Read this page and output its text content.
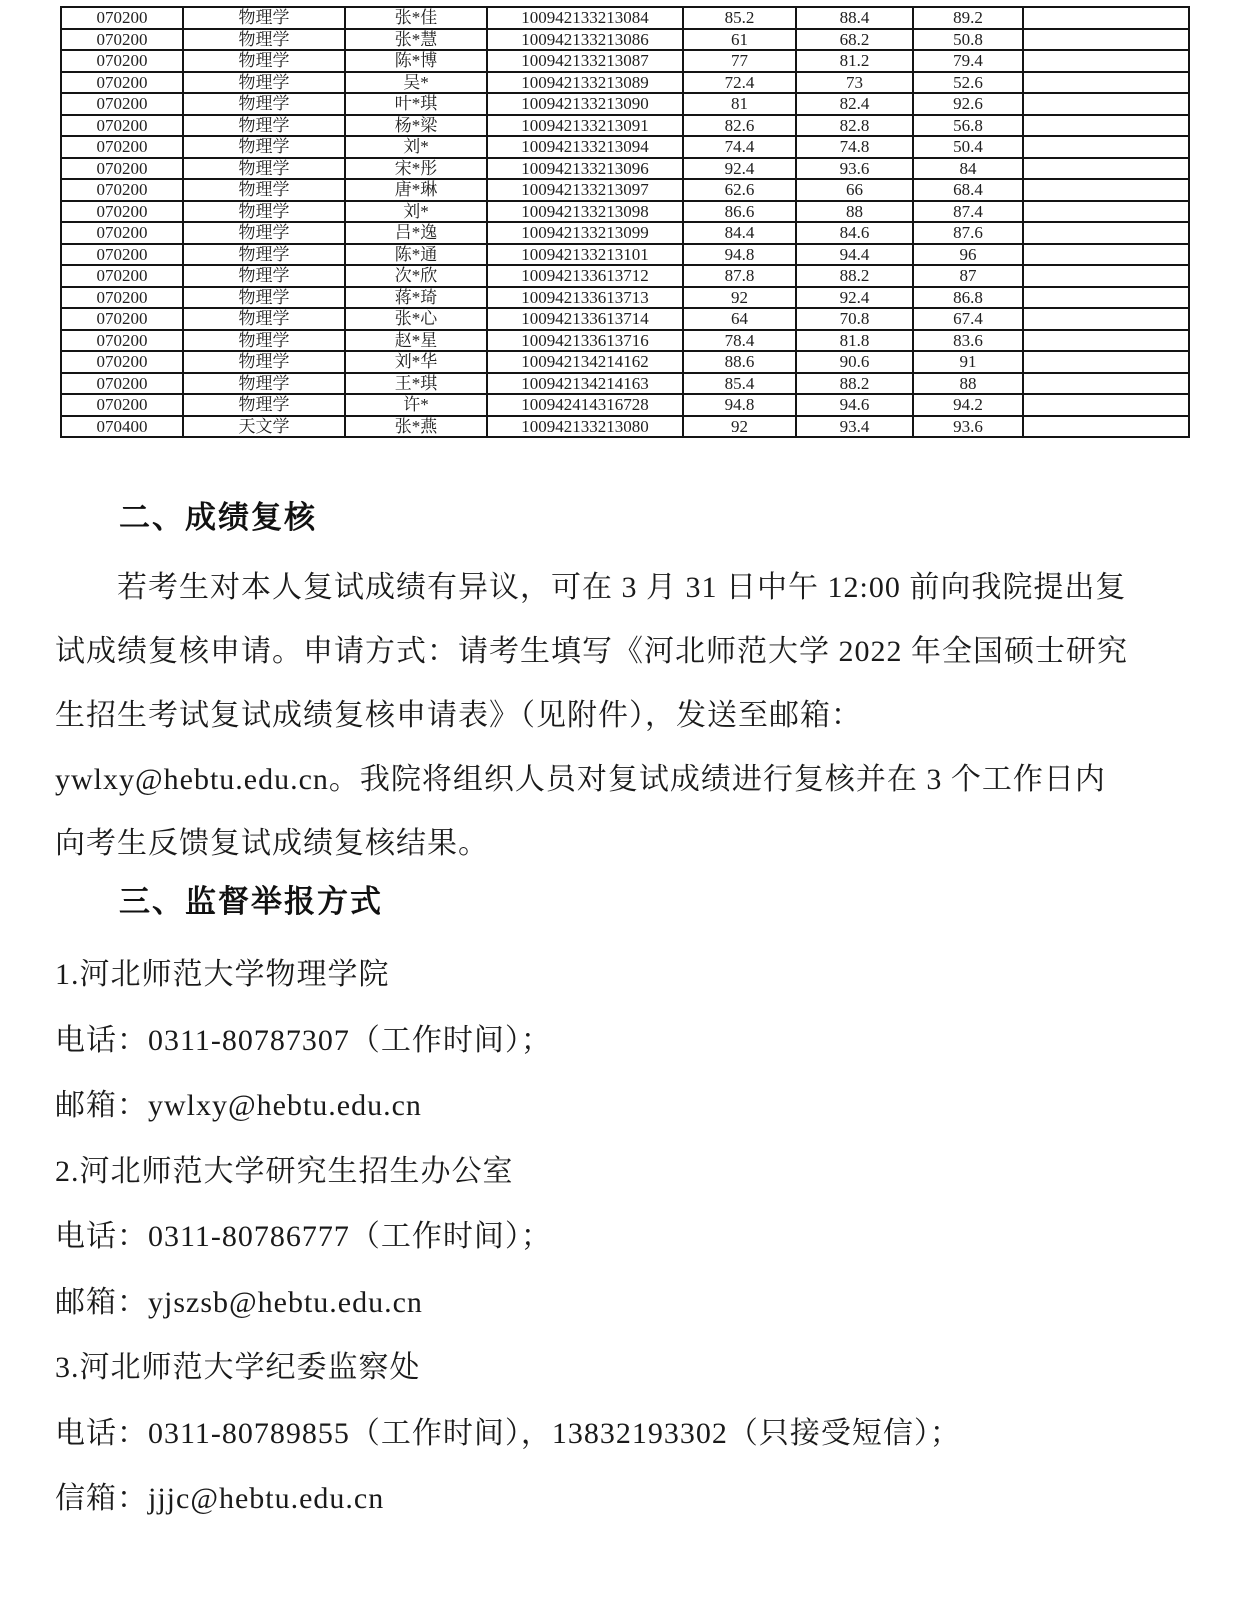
070200	物理学	张*佳	100942133213084	85.2	88.4	89.2	
070200	物理学	张*慧	100942133213086	61	68.2	50.8	
070200	物理学	陈*博	100942133213087	77	81.2	79.4	
070200	物理学	吴*	100942133213089	72.4	73	52.6	
070200	物理学	叶*琪	100942133213090	81	82.4	92.6	
070200	物理学	杨*梁	100942133213091	82.6	82.8	56.8	
070200	物理学	刘*	100942133213094	74.4	74.8	50.4	
070200	物理学	宋*彤	100942133213096	92.4	93.6	84	
070200	物理学	唐*琳	100942133213097	62.6	66	68.4	
070200	物理学	刘*	100942133213098	86.6	88	87.4	
070200	物理学	吕*逸	100942133213099	84.4	84.6	87.6	
070200	物理学	陈*通	100942133213101	94.8	94.4	96	
070200	物理学	次*欣	100942133613712	87.8	88.2	87	
070200	物理学	蒋*琦	100942133613713	92	92.4	86.8	
070200	物理学	张*心	100942133613714	64	70.8	67.4	
070200	物理学	赵*星	100942133613716	78.4	81.8	83.6	
070200	物理学	刘*华	100942134214162	88.6	90.6	91	
070200	物理学	王*琪	100942134214163	85.4	88.2	88	
070200	物理学	许*	100942414316728	94.8	94.6	94.2	
070400	天文学	张*燕	100942133213080	92	93.4	93.6	
二、成绩复核
若考生对本人复试成绩有异议，可在 3 月 31 日中午 12:00 前向我院提出复
试成绩复核申请。申请方式：请考生填写《河北师范大学 2022 年全国硕士研究
生招生考试复试成绩复核申请表》（见附件），发送至邮箱：
ywlxy@hebtu.edu.cn。我院将组织人员对复试成绩进行复核并在 3 个工作日内
向考生反馈复试成绩复核结果。
三、监督举报方式
1.河北师范大学物理学院
电话：0311-80787307（工作时间）；
邮箱：ywlxy@hebtu.edu.cn
2.河北师范大学研究生招生办公室
电话：0311-80786777（工作时间）；
邮箱：yjszsb@hebtu.edu.cn
3.河北师范大学纪委监察处
电话：0311-80789855（工作时间），13832193302（只接受短信）；
信箱：jjjc@hebtu.edu.cn
